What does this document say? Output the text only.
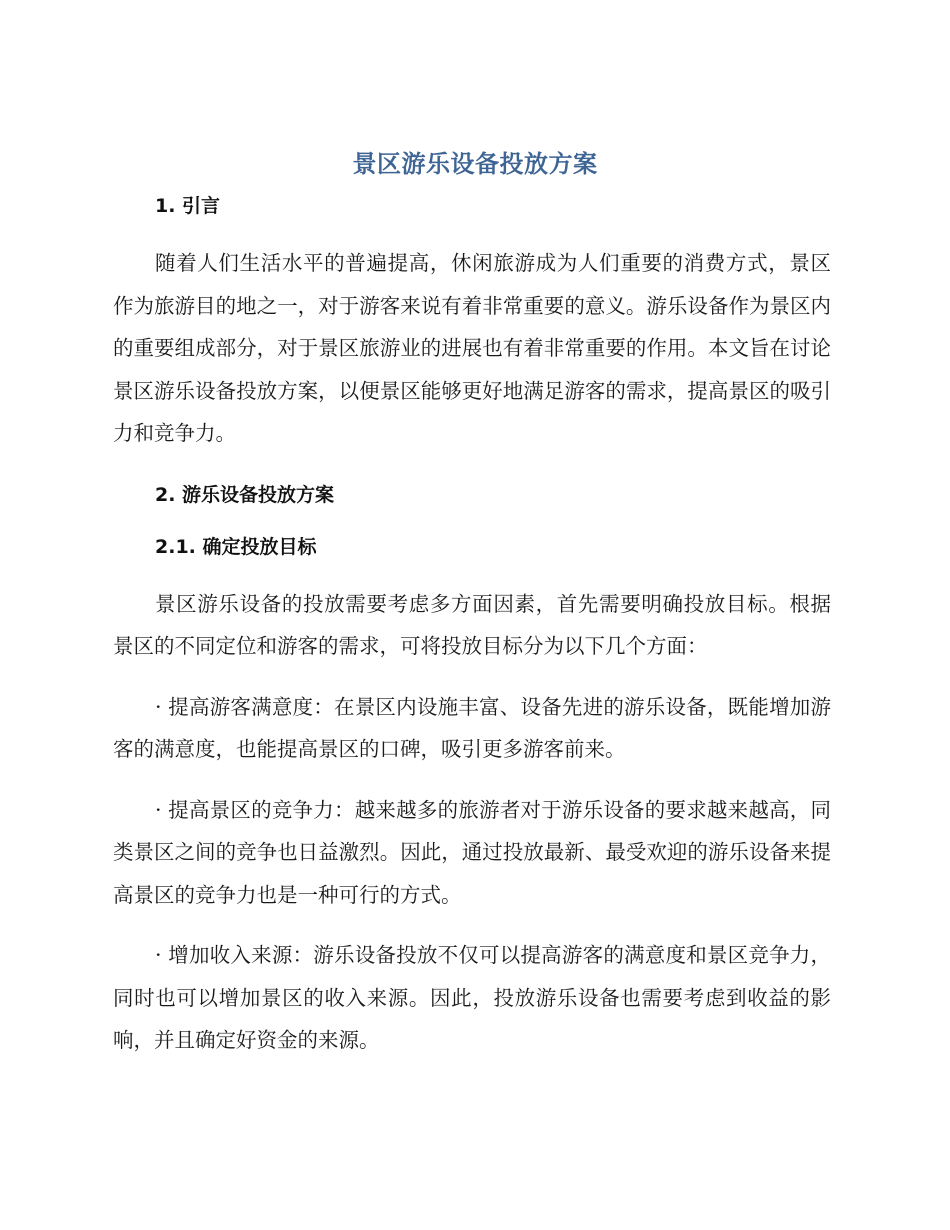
景区游乐设备投放方案

1. 引言

随着人们生活水平的普遍提高，休闲旅游成为人们重要的消费方式，景区作为旅游目的地之一，对于游客来说有着非常重要的意义。游乐设备作为景区内的重要组成部分，对于景区旅游业的进展也有着非常重要的作用。本文旨在讨论景区游乐设备投放方案，以便景区能够更好地满足游客的需求，提高景区的吸引力和竞争力。

2. 游乐设备投放方案

2.1. 确定投放目标

景区游乐设备的投放需要考虑多方面因素，首先需要明确投放目标。根据景区的不同定位和游客的需求，可将投放目标分为以下几个方面：

· 提高游客满意度：在景区内设施丰富、设备先进的游乐设备，既能增加游客的满意度，也能提高景区的口碑，吸引更多游客前来。

· 提高景区的竞争力：越来越多的旅游者对于游乐设备的要求越来越高，同类景区之间的竞争也日益激烈。因此，通过投放最新、最受欢迎的游乐设备来提高景区的竞争力也是一种可行的方式。

· 增加收入来源：游乐设备投放不仅可以提高游客的满意度和景区竞争力，同时也可以增加景区的收入来源。因此，投放游乐设备也需要考虑到收益的影响，并且确定好资金的来源。
